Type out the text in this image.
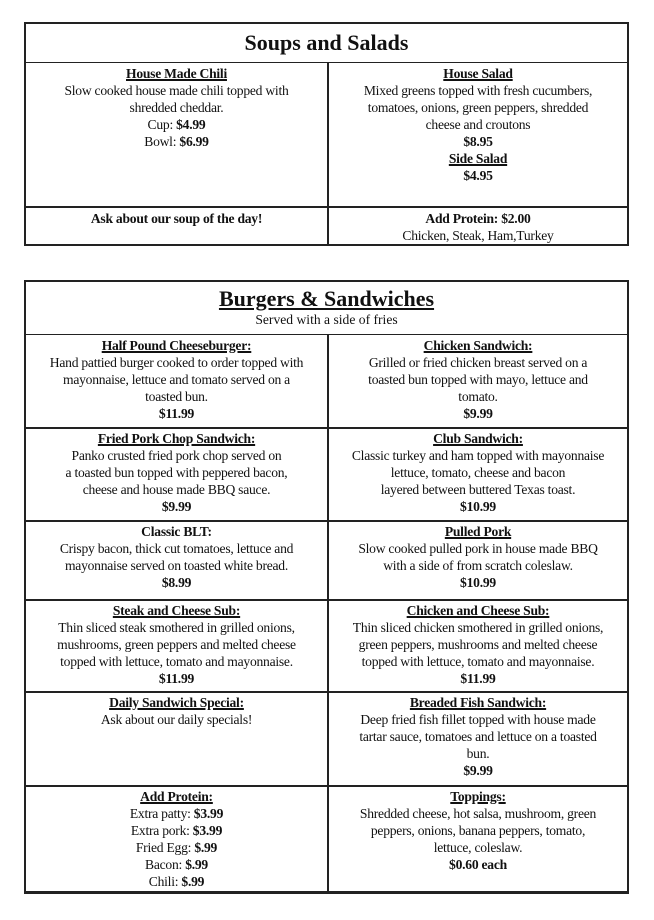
Soups and Salads
House Made Chili
Slow cooked house made chili topped with
shredded cheddar.
Cup: $4.99
Bowl: $6.99
House Salad
Mixed greens topped with fresh cucumbers,
tomatoes, onions, green peppers, shredded
cheese and croutons
$8.95
Side Salad
$4.95
Ask about our soup of the day!	Add Protein: $2.00
Chicken, Steak, Ham,Turkey
Burgers & Sandwiches
Served with a side of fries
Half Pound Cheeseburger:
Hand pattied burger cooked to order topped with
mayonnaise, lettuce and tomato served on a
toasted bun.
$11.99
Chicken Sandwich:
Grilled or fried chicken breast served on a
toasted bun topped with mayo, lettuce and
tomato.
$9.99
Fried Pork Chop Sandwich:
Panko crusted fried pork chop served on
a toasted bun topped with peppered bacon,
cheese and house made BBQ sauce.
$9.99
Club Sandwich:
Classic turkey and ham topped with mayonnaise
lettuce, tomato, cheese and bacon
layered between buttered Texas toast.
$10.99
Classic BLT:
Crispy bacon, thick cut tomatoes, lettuce and
mayonnaise served on toasted white bread.
$8.99
Pulled Pork
Slow cooked pulled pork in house made BBQ
with a side of from scratch coleslaw.
$10.99
Steak and Cheese Sub:
Thin sliced steak smothered in grilled onions,
mushrooms, green peppers and melted cheese
topped with lettuce, tomato and mayonnaise.
$11.99
Chicken and Cheese Sub:
Thin sliced chicken smothered in grilled onions,
green peppers, mushrooms and melted cheese
topped with lettuce, tomato and mayonnaise.
$11.99
Daily Sandwich Special:
Ask about our daily specials!
Breaded Fish Sandwich:
Deep fried fish fillet topped with house made
tartar sauce, tomatoes and lettuce on a toasted
bun.
$9.99
Add Protein:
Extra patty: $3.99
Extra pork: $3.99
Fried Egg: $.99
Bacon: $.99
Chili: $.99
Toppings:
Shredded cheese, hot salsa, mushroom, green
peppers, onions, banana peppers, tomato,
lettuce, coleslaw.
$0.60 each
